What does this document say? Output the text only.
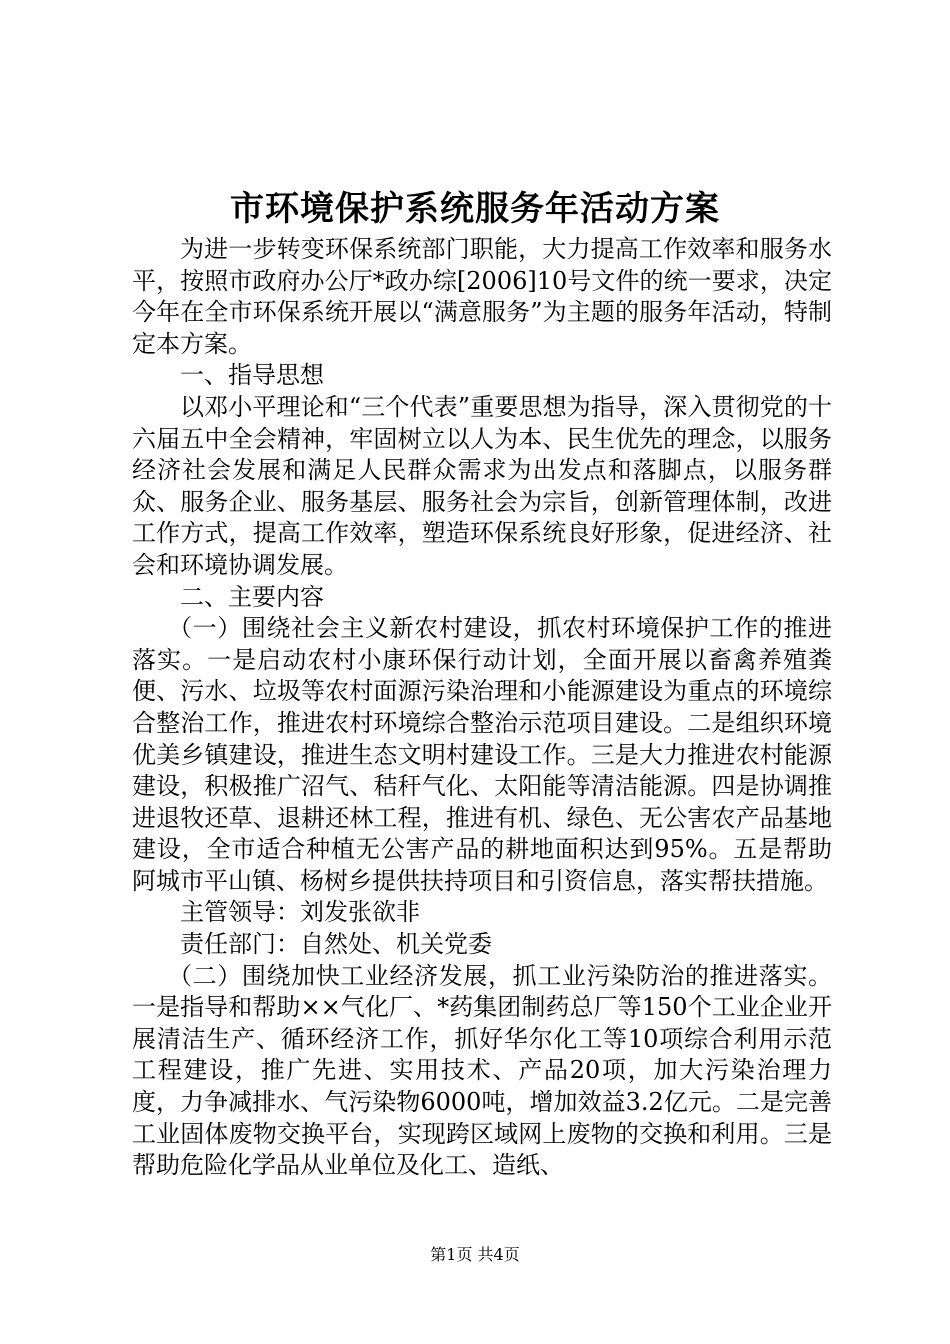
市环境保护系统服务年活动方案

为进一步转变环保系统部门职能，大力提高工作效率和服务水平，按照市政府办公厅*政办综[2006]10号文件的统一要求，决定今年在全市环保系统开展以“满意服务”为主题的服务年活动，特制定本方案。

一、指导思想

以邓小平理论和“三个代表”重要思想为指导，深入贯彻党的十六届五中全会精神，牢固树立以人为本、民生优先的理念，以服务经济社会发展和满足人民群众需求为出发点和落脚点，以服务群众、服务企业、服务基层、服务社会为宗旨，创新管理体制，改进工作方式，提高工作效率，塑造环保系统良好形象，促进经济、社会和环境协调发展。

二、主要内容

（一）围绕社会主义新农村建设，抓农村环境保护工作的推进落实。一是启动农村小康环保行动计划，全面开展以畜禽养殖粪便、污水、垃圾等农村面源污染治理和小能源建设为重点的环境综合整治工作，推进农村环境综合整治示范项目建设。二是组织环境优美乡镇建设，推进生态文明村建设工作。三是大力推进农村能源建设，积极推广沼气、秸秆气化、太阳能等清洁能源。四是协调推进退牧还草、退耕还林工程，推进有机、绿色、无公害农产品基地建设，全市适合种植无公害产品的耕地面积达到95%。五是帮助阿城市平山镇、杨树乡提供扶持项目和引资信息，落实帮扶措施。

主管领导：刘发张欲非

责任部门：自然处、机关党委

（二）围绕加快工业经济发展，抓工业污染防治的推进落实。一是指导和帮助××气化厂、*药集团制药总厂等150个工业企业开展清洁生产、循环经济工作，抓好华尔化工等10项综合利用示范工程建设，推广先进、实用技术、产品20项，加大污染治理力度，力争减排水、气污染物6000吨，增加效益3.2亿元。二是完善工业固体废物交换平台，实现跨区域网上废物的交换和利用。三是帮助危险化学品从业单位及化工、造纸、

第1页 共4页
